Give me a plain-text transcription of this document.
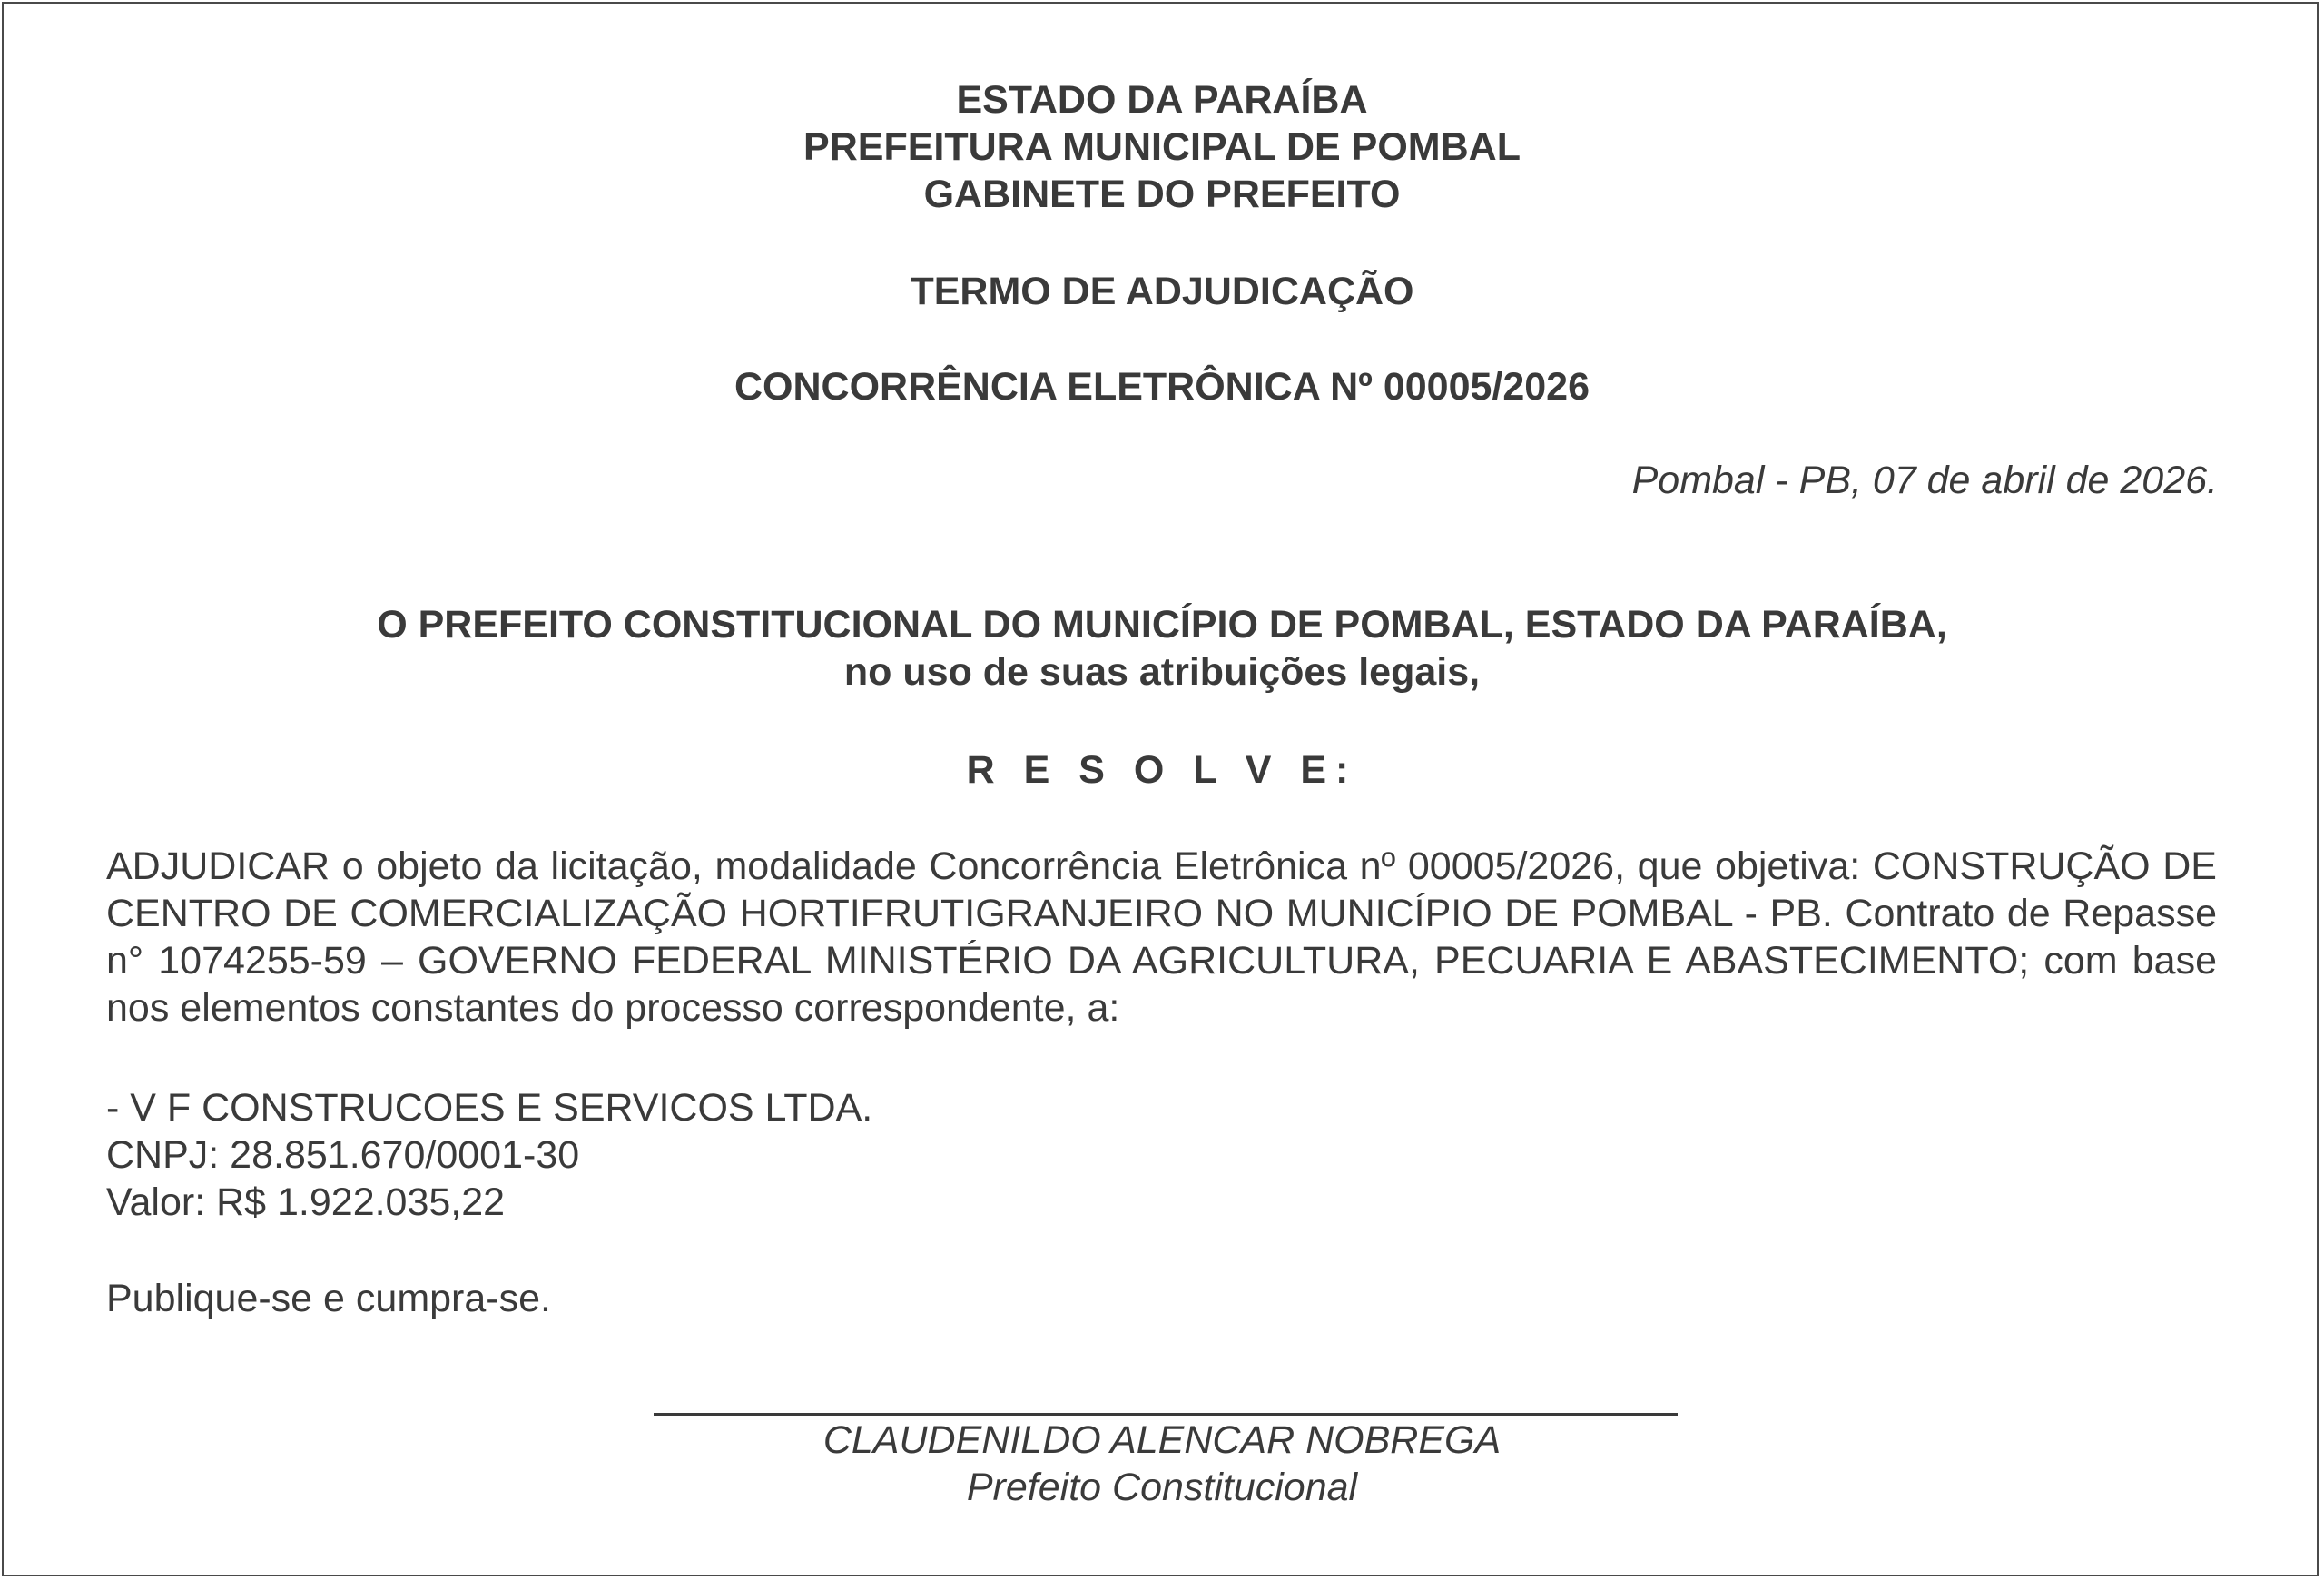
ESTADO DA PARAÍBA
PREFEITURA MUNICIPAL DE POMBAL
GABINETE DO PREFEITO
TERMO DE ADJUDICAÇÃO
CONCORRÊNCIA ELETRÔNICA Nº 00005/2026
Pombal - PB, 07 de abril de 2026.
O PREFEITO CONSTITUCIONAL DO MUNICÍPIO DE POMBAL, ESTADO DA PARAÍBA,
no uso de suas atribuições legais,
R E S O L V E:
ADJUDICAR o objeto da licitação, modalidade Concorrência Eletrônica nº 00005/2026, que objetiva: CONSTRUÇÃO DE CENTRO DE COMERCIALIZAÇÃO HORTIFRUTIGRANJEIRO NO MUNICÍPIO DE POMBAL - PB. Contrato de Repasse n° 1074255-59 – GOVERNO FEDERAL MINISTÉRIO DA AGRICULTURA, PECUARIA E ABASTECIMENTO; com base nos elementos constantes do processo correspondente, a:
- V F CONSTRUCOES E SERVICOS LTDA.
CNPJ: 28.851.670/0001-30
Valor: R$ 1.922.035,22
Publique-se e cumpra-se.
CLAUDENILDO ALENCAR NOBREGA
Prefeito Constitucional
